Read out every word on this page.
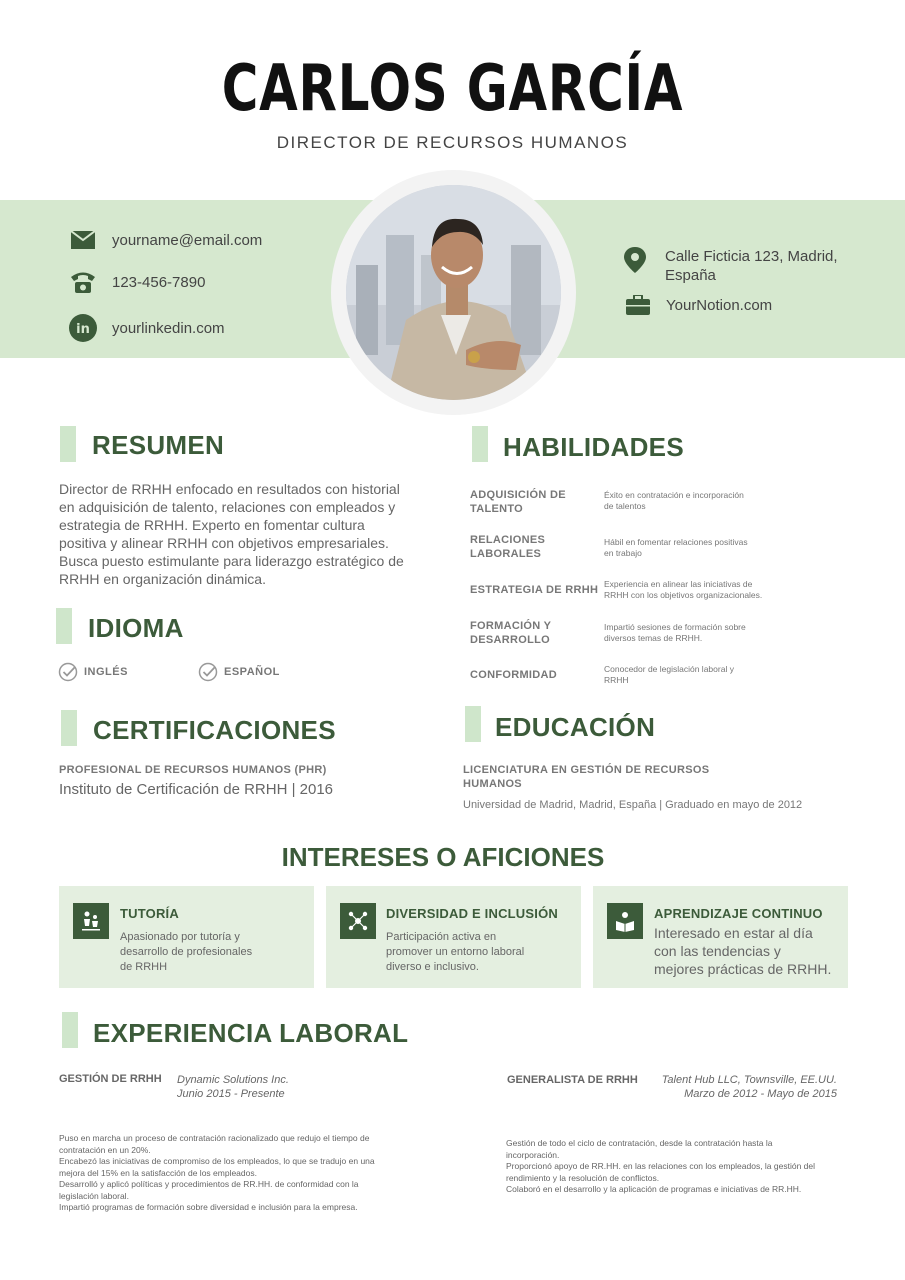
CARLOS GARCÍA
DIRECTOR DE RECURSOS HUMANOS
yourname@email.com
123-456-7890
in yourlinkedin.com
Calle Ficticia 123, Madrid,
España
YourNotion.com
RESUMEN
Director de RRHH enfocado en resultados con historial en adquisición de talento, relaciones con empleados y estrategia de RRHH. Experto en fomentar cultura positiva y alinear RRHH con objetivos empresariales. Busca puesto estimulante para liderazgo estratégico de RRHH en organización dinámica.
IDIOMA
INGLÉS	ESPAÑOL
CERTIFICACIONES
PROFESIONAL DE RECURSOS HUMANOS (PHR)
Instituto de Certificación de RRHH | 2016
HABILIDADES
ADQUISICIÓN DE
TALENTO
Éxito en contratación e incorporación
de talentos
RELACIONES
LABORALES
Hábil en fomentar relaciones positivas
en trabajo
ESTRATEGIA DE RRHH Experiencia en alinear las iniciativas de
RRHH con los objetivos organizacionales.
FORMACIÓN Y
DESARROLLO
Impartió sesiones de formación sobre
diversos temas de RRHH.
CONFORMIDAD	Conocedor de legislación laboral y
RRHH
EDUCACIÓN
LICENCIATURA EN GESTIÓN DE RECURSOS
HUMANOS
Universidad de Madrid, Madrid, España | Graduado en mayo de 2012
INTERESES O AFICIONES
TUTORÍA
Apasionado por tutoría y
desarrollo de profesionales
de RRHH
DIVERSIDAD E INCLUSIÓN
Participación activa en
promover un entorno laboral
diverso e inclusivo.
APRENDIZAJE CONTINUO
Interesado en estar al día
con las tendencias y
mejores prácticas de RRHH.
EXPERIENCIA LABORAL
GESTIÓN DE RRHH Dynamic Solutions Inc.
Junio 2015 - Presente
Puso en marcha un proceso de contratación racionalizado que redujo el tiempo de
contratación en un 20%.
Encabezó las iniciativas de compromiso de los empleados, lo que se tradujo en una
mejora del 15% en la satisfacción de los empleados.
Desarrolló y aplicó políticas y procedimientos de RR.HH. de conformidad con la
legislación laboral.
Impartió programas de formación sobre diversidad e inclusión para la empresa.
GENERALISTA DE RRHH Talent Hub LLC, Townsville, EE.UU.
Marzo de 2012 - Mayo de 2015
Gestión de todo el ciclo de contratación, desde la contratación hasta la
incorporación.
Proporcionó apoyo de RR.HH. en las relaciones con los empleados, la gestión del
rendimiento y la resolución de conflictos.
Colaboró en el desarrollo y la aplicación de programas e iniciativas de RR.HH.
